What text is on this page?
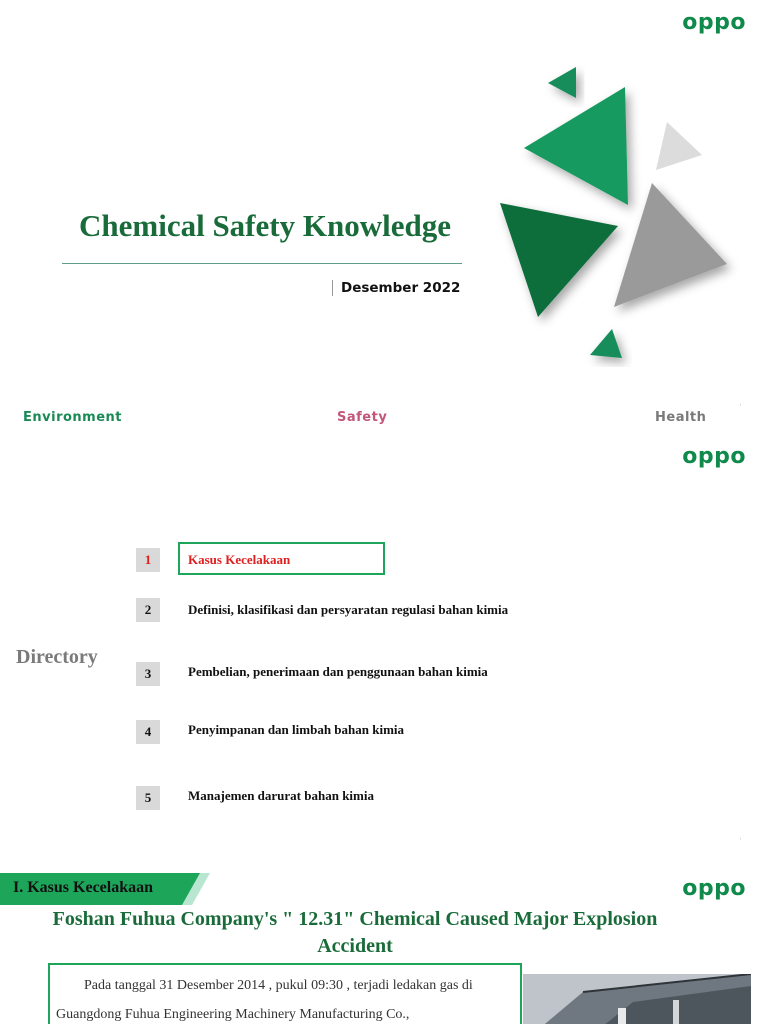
oppo
Chemical Safety Knowledge
Desember 2022
Environment	Safety	Health
'
oppo
Directory
1	Kasus Kecelakaan
2	Definisi, klasifikasi dan persyaratan regulasi bahan kimia
3	Pembelian, penerimaan dan penggunaan bahan kimia
4	Penyimpanan dan limbah bahan kimia
5	Manajemen darurat bahan kimia
'
I. Kasus Kecelakaan	oppo
Foshan Fuhua Company's " 12.31" Chemical Caused Major Explosion Accident

Pada tanggal 31 Desember 2014 , pukul 09:30 , terjadi ledakan gas di Guangdong Fuhua Engineering Machinery Manufacturing Co.,
